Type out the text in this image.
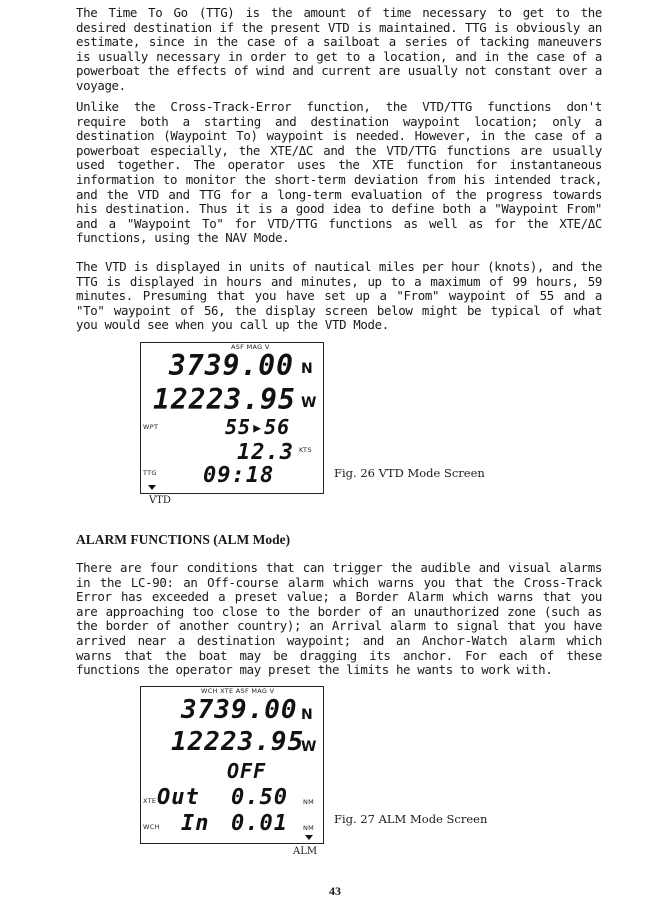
The Time To Go (TTG) is the amount of time necessary to get to the desired destination if the present VTD is maintained. TTG is obviously an estimate, since in the case of a sailboat a series of tacking maneuvers is usually necessary in order to get to a location, and in the case of a powerboat the effects of wind and current are usually not constant over a voyage.

Unlike the Cross-Track-Error function, the VTD/TTG functions don't require both a starting and destination waypoint location; only a destination (Waypoint To) waypoint is needed. However, in the case of a powerboat especially, the XTE/ΔC and the VTD/TTG functions are usually used together. The operator uses the XTE function for instantaneous information to monitor the short-term deviation from his intended track, and the VTD and TTG for a long-term evaluation of the progress towards his destination. Thus it is a good idea to define both a "Waypoint From" and a "Waypoint To" for VTD/TTG functions as well as for the XTE/ΔC functions, using the NAV Mode.

The VTD is displayed in units of nautical miles per hour (knots), and the TTG is displayed in hours and minutes, up to a maximum of 99 hours, 59 minutes. Presuming that you have set up a "From" waypoint of 55 and a "To" waypoint of 56, the display screen below might be typical of what you would see when you call up the VTD Mode.

ASF MAG V
3739.00 N
12223.95 W
WPT	55▸56
12.3 KTS
TTG 09:18
VTD
Fig. 26 VTD Mode Screen
ALARM FUNCTIONS (ALM Mode)

There are four conditions that can trigger the audible and visual alarms in the LC-90: an Off-course alarm which warns you that the Cross-Track Error has exceeded a preset value; a Border Alarm which warns that you are approaching too close to the border of an unauthorized zone (such as the border of another country); an Arrival alarm to signal that you have arrived near a destination waypoint; and an Anchor-Watch alarm which warns that the boat may be dragging its anchor. For each of these functions the operator may preset the limits he wants to work with.

WCH XTE ASF MAG V
3739.00 N
12223.95
W
OFF
XTE Out 0.50 NM
WCH In 0.01 NM
ALM
Fig. 27 ALM Mode Screen
43
